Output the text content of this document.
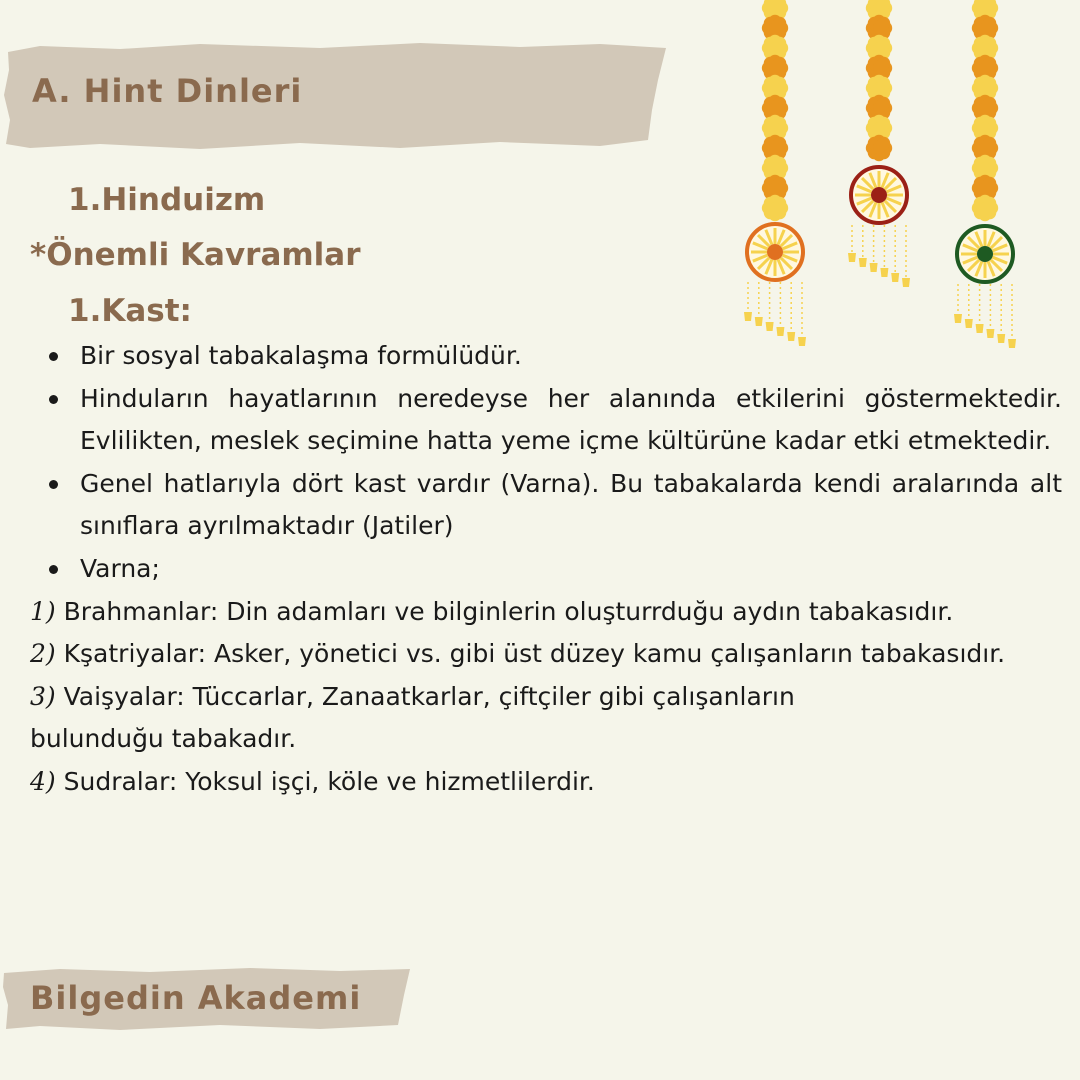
A. Hint Dinleri
1.Hinduizm
*Önemli Kavramlar
1.Kast:
Bir sosyal tabakalaşma formülüdür.
Hinduların hayatlarının neredeyse her alanında etkilerini göstermektedir. Evlilikten, meslek seçimine hatta yeme içme kültürüne kadar etki etmektedir.
Genel hatlarıyla dört kast vardır (Varna). Bu tabakalarda kendi aralarında alt sınıflara ayrılmaktadır (Jatiler)
Varna;
1) Brahmanlar: Din adamları ve bilginlerin oluşturrduğu aydın tabakasıdır.
2) Kşatriyalar: Asker, yönetici vs. gibi üst düzey kamu çalışanların tabakasıdır.
3) Vaişyalar: Tüccarlar, Zanaatkarlar, çiftçiler gibi çalışanların
bulunduğu tabakadır.
4) Sudralar: Yoksul işçi, köle ve hizmetlilerdir.
Bilgedin Akademi
